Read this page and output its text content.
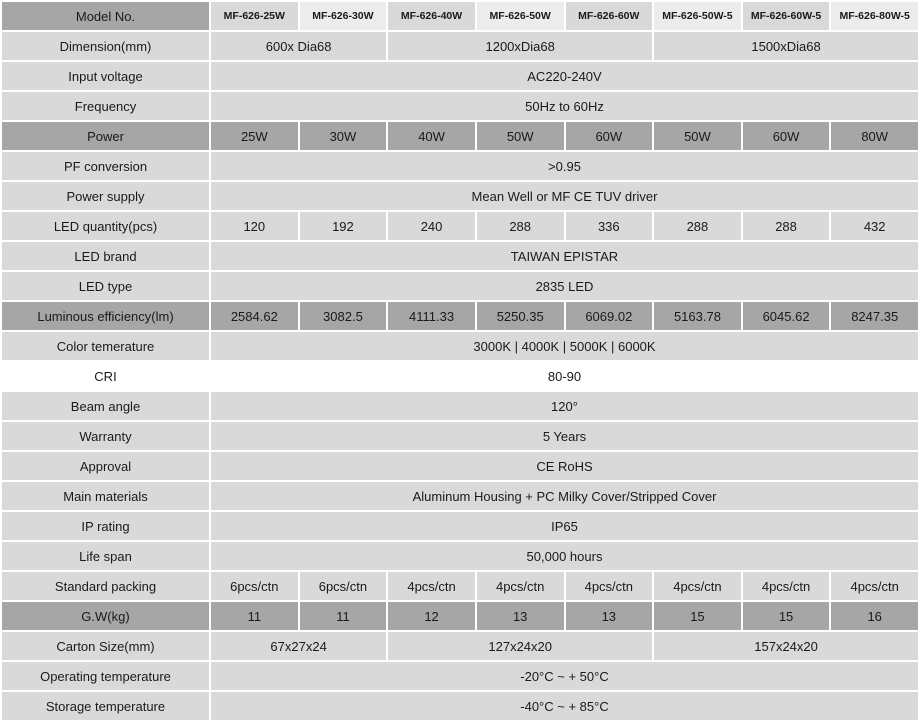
Model No.	MF-626-25W	MF-626-30W	MF-626-40W	MF-626-50W	MF-626-60W	MF-626-50W-5	MF-626-60W-5	MF-626-80W-5
Dimension(mm)	600x Dia68		1200xDia68			1500xDia68		
Input voltage	AC220-240V							
Frequency	50Hz to 60Hz							
Power	25W	30W	40W	50W	60W	50W	60W	80W
PF conversion	>0.95							
Power supply	Mean Well or MF CE TUV driver							
LED quantity(pcs)	120	192	240	288	336	288	288	432
LED brand	TAIWAN EPISTAR							
LED type	2835 LED							
Luminous efficiency(lm)	2584.62	3082.5	4111.33	5250.35	6069.02	5163.78	6045.62	8247.35
Color temerature	3000K | 4000K | 5000K | 6000K							
CRI	80-90							
Beam angle	120°							
Warranty	5 Years							
Approval	CE RoHS							
Main materials	Aluminum Housing + PC Milky Cover/Stripped Cover							
IP rating	IP65							
Life span	50,000 hours							
Standard packing	6pcs/ctn	6pcs/ctn	4pcs/ctn	4pcs/ctn	4pcs/ctn	4pcs/ctn	4pcs/ctn	4pcs/ctn
G.W(kg)	11	11	12	13	13	15	15	16
Carton Size(mm)	67x27x24		127x24x20			157x24x20		
Operating temperature	-20°C ~ + 50°C							
Storage temperature	-40°C ~ + 85°C							
